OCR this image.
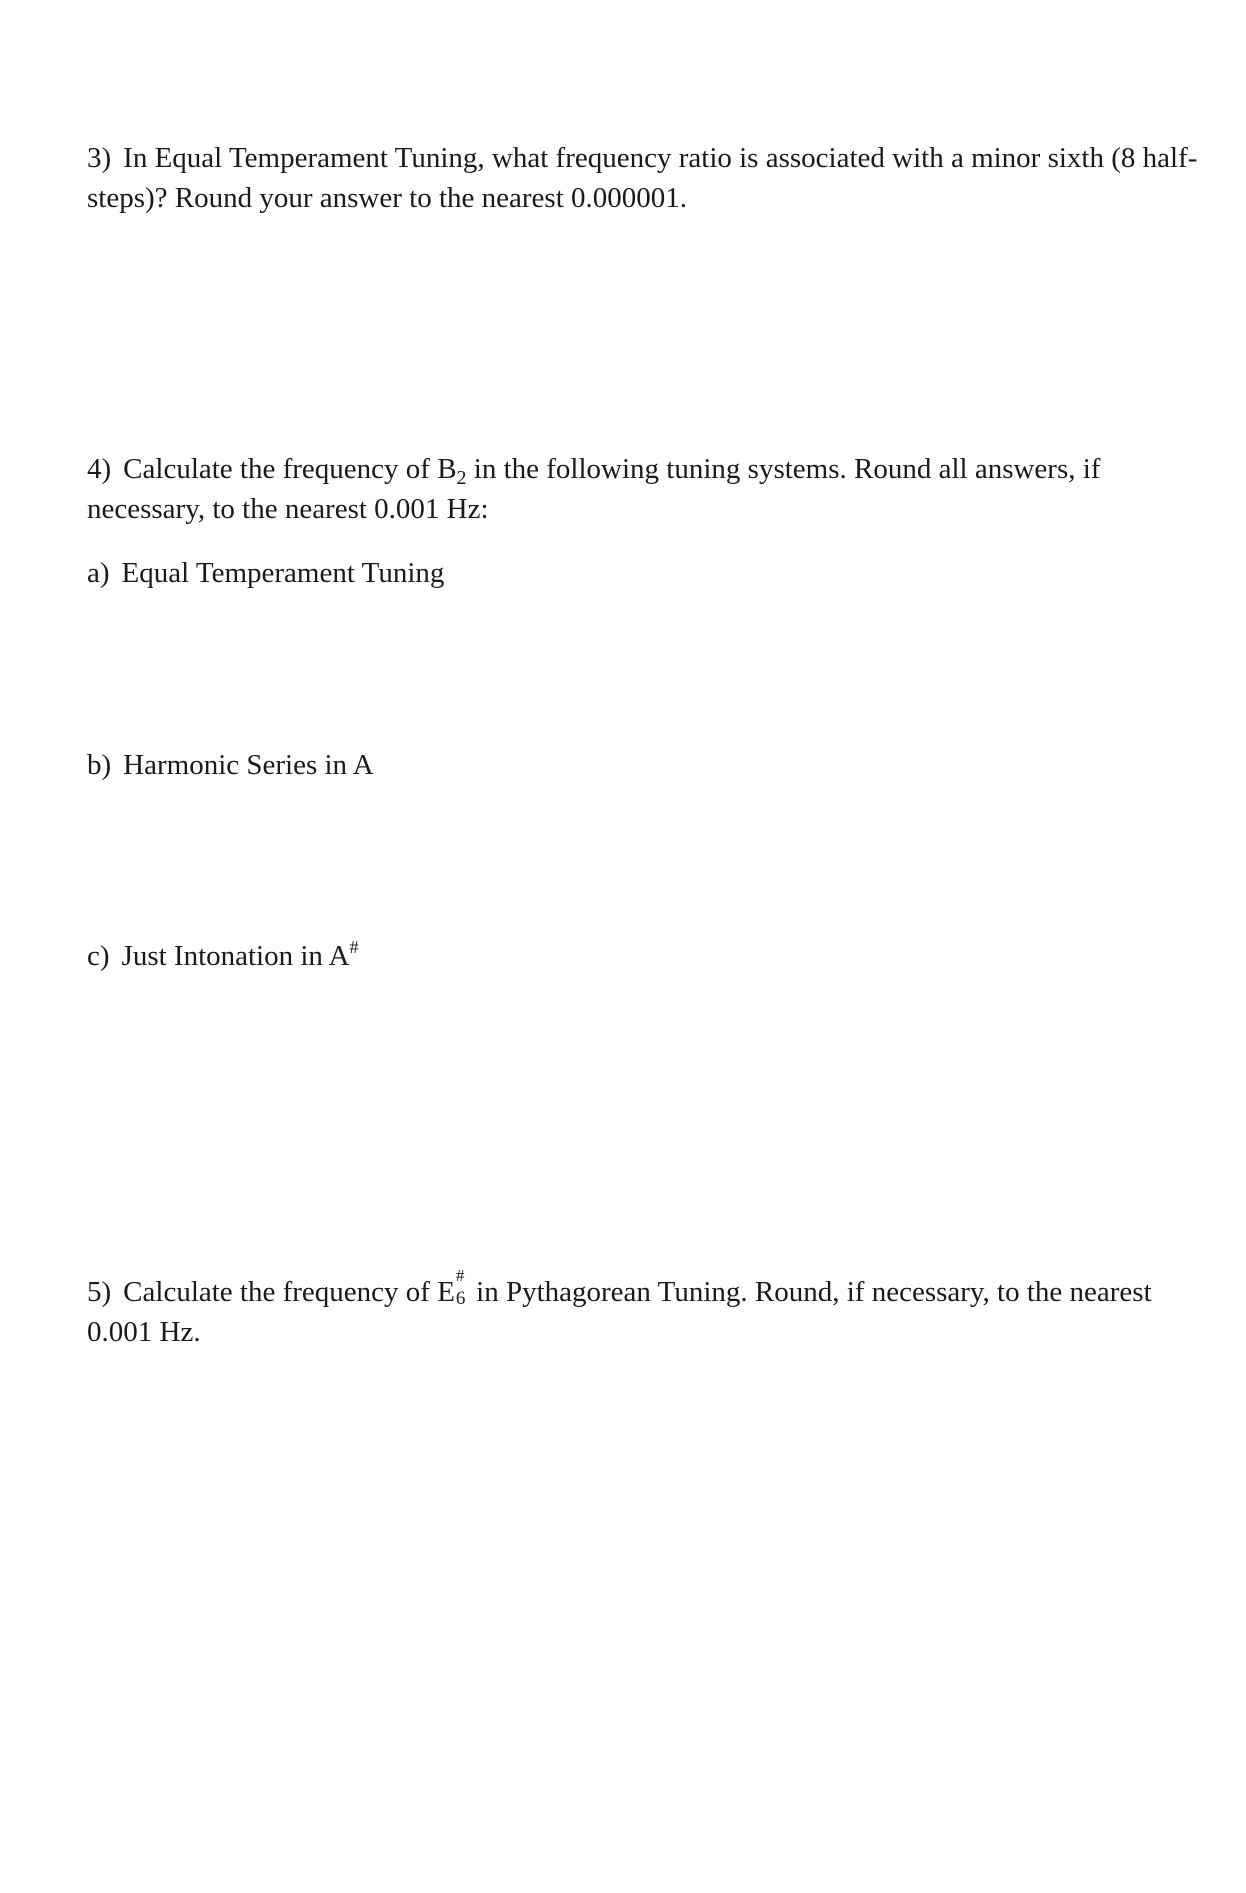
3) In Equal Temperament Tuning, what frequency ratio is associated with a minor sixth (8 half-
steps)? Round your answer to the nearest 0.000001.
4) Calculate the frequency of $B_2$ in the following tuning systems. Round all answers, if
necessary, to the nearest 0.001 Hz:
a) Equal Temperament Tuning
b) Harmonic Series in A
c) Just Intonation in A#
5) Calculate the frequency of E
#
6 in Pythagorean Tuning. Round, if necessary, to the nearest
0.001 Hz.
